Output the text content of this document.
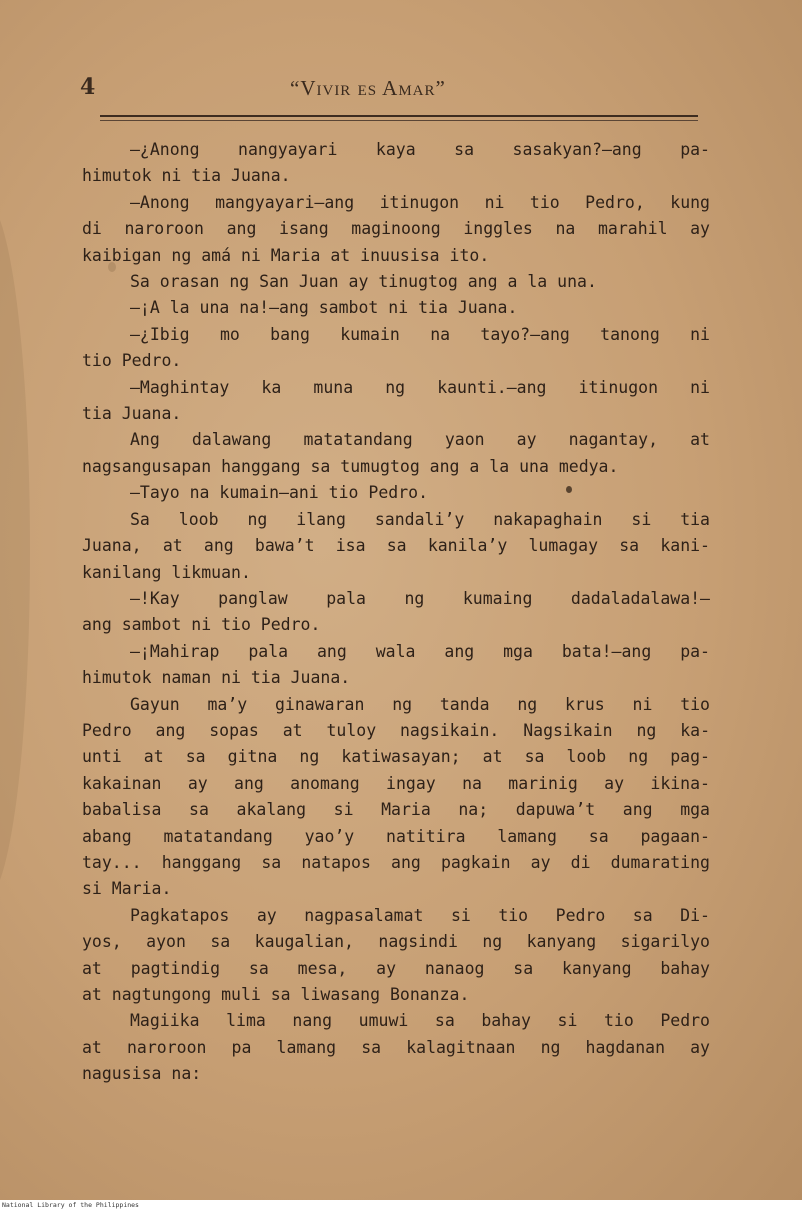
4	“Vivir es Amar”
—¿Anong nangyayari kaya sa sasakyan?—ang pa-
himutok ni tia Juana.
—Anong mangyayari—ang itinugon ni tio Pedro, kung
di naroroon ang isang maginoong inggles na marahil ay
kaibigan ng amá ni Maria at inuusisa ito.
Sa orasan ng San Juan ay tinugtog ang a la una.
—¡A la una na!—ang sambot ni tia Juana.
—¿Ibig mo bang kumain na tayo?—ang tanong ni
tio Pedro.
—Maghintay ka muna ng kaunti.—ang itinugon ni
tia Juana.
Ang dalawang matatandang yaon ay nagantay, at
nagsangusapan hanggang sa tumugtog ang a la una medya.
—Tayo na kumain—ani tio Pedro.
Sa loob ng ilang sandali’y nakapaghain si tia
Juana, at ang bawa’t isa sa kanila’y lumagay sa kani-
kanilang likmuan.
—!Kay panglaw pala ng kumaing dadaladalawa!—
ang sambot ni tio Pedro.
—¡Mahirap pala ang wala ang mga bata!—ang pa-
himutok naman ni tia Juana.
Gayun ma’y ginawaran ng tanda ng krus ni tio
Pedro ang sopas at tuloy nagsikain. Nagsikain ng ka-
unti at sa gitna ng katiwasayan; at sa loob ng pag-
kakainan ay ang anomang ingay na marinig ay ikina-
babalisa sa akalang si Maria na; dapuwa’t ang mga
abang matatandang yao’y natitira lamang sa pagaan-
tay... hanggang sa natapos ang pagkain ay di dumarating
si Maria.
Pagkatapos ay nagpasalamat si tio Pedro sa Di-
yos, ayon sa kaugalian, nagsindi ng kanyang sigarilyo
at pagtindig sa mesa, ay nanaog sa kanyang bahay
at nagtungong muli sa liwasang Bonanza.
Magiika lima nang umuwi sa bahay si tio Pedro
at naroroon pa lamang sa kalagitnaan ng hagdanan ay
nagusisa na:
National Library of the Philippines
